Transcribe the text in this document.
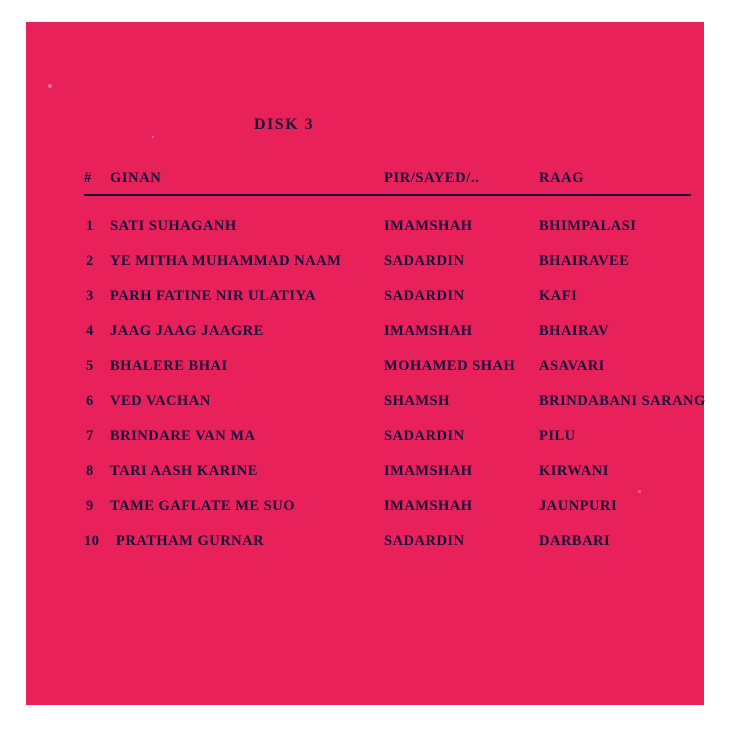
DISK 3
#	GINAN	PIR/SAYED/..	RAAG
1	SATI SUHAGANH	IMAMSHAH	BHIMPALASI
2	YE MITHA MUHAMMAD NAAM	SADARDIN	BHAIRAVEE
3	PARH FATINE NIR ULATIYA	SADARDIN	KAFI
4	JAAG JAAG JAAGRE	IMAMSHAH	BHAIRAV
5	BHALERE BHAI	MOHAMED SHAH	ASAVARI
6	VED VACHAN	SHAMSH	BRINDABANI SARANG
7	BRINDARE VAN MA	SADARDIN	PILU
8	TARI AASH KARINE	IMAMSHAH	KIRWANI
9	TAME GAFLATE ME SUO	IMAMSHAH	JAUNPURI
10	PRATHAM GURNAR	SADARDIN	DARBARI
